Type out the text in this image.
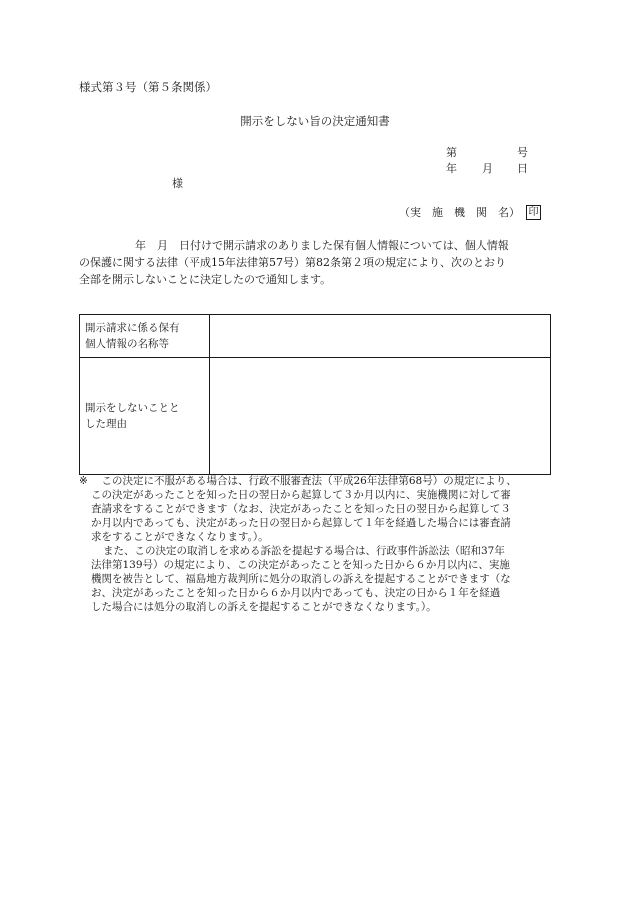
様式第３号（第５条関係）
開示をしない旨の決定通知書
第	号
年 月 日
様
（実　施　機　関　名） 印
年　月　日付けで開示請求のありました保有個人情報については、個人情報
の保護に関する法律（平成15年法律第57号）第82条第２項の規定により、次のとおり
全部を開示しないことに決定したので通知します。
開示請求に係る保有
個人情報の名称等	

開示をしないことと
した理由	

※　 この決定に不服がある場合は、行政不服審査法（平成26年法律第68号）の規定により、
この決定があったことを知った日の翌日から起算して３か月以内に、実施機関に対して審
査請求をすることができます（なお、決定があったことを知った日の翌日から起算して３
か月以内であっても、決定があった日の翌日から起算して１年を経過した場合には審査請
求をすることができなくなります。）。
また、この決定の取消しを求める訴訟を提起する場合は、行政事件訴訟法（昭和37年
法律第139号）の規定により、この決定があったことを知った日から６か月以内に、実施
機関を被告として、福島地方裁判所に処分の取消しの訴えを提起することができます（な
お、決定があったことを知った日から６か月以内であっても、決定の日から１年を経過
した場合には処分の取消しの訴えを提起することができなくなります。）。
